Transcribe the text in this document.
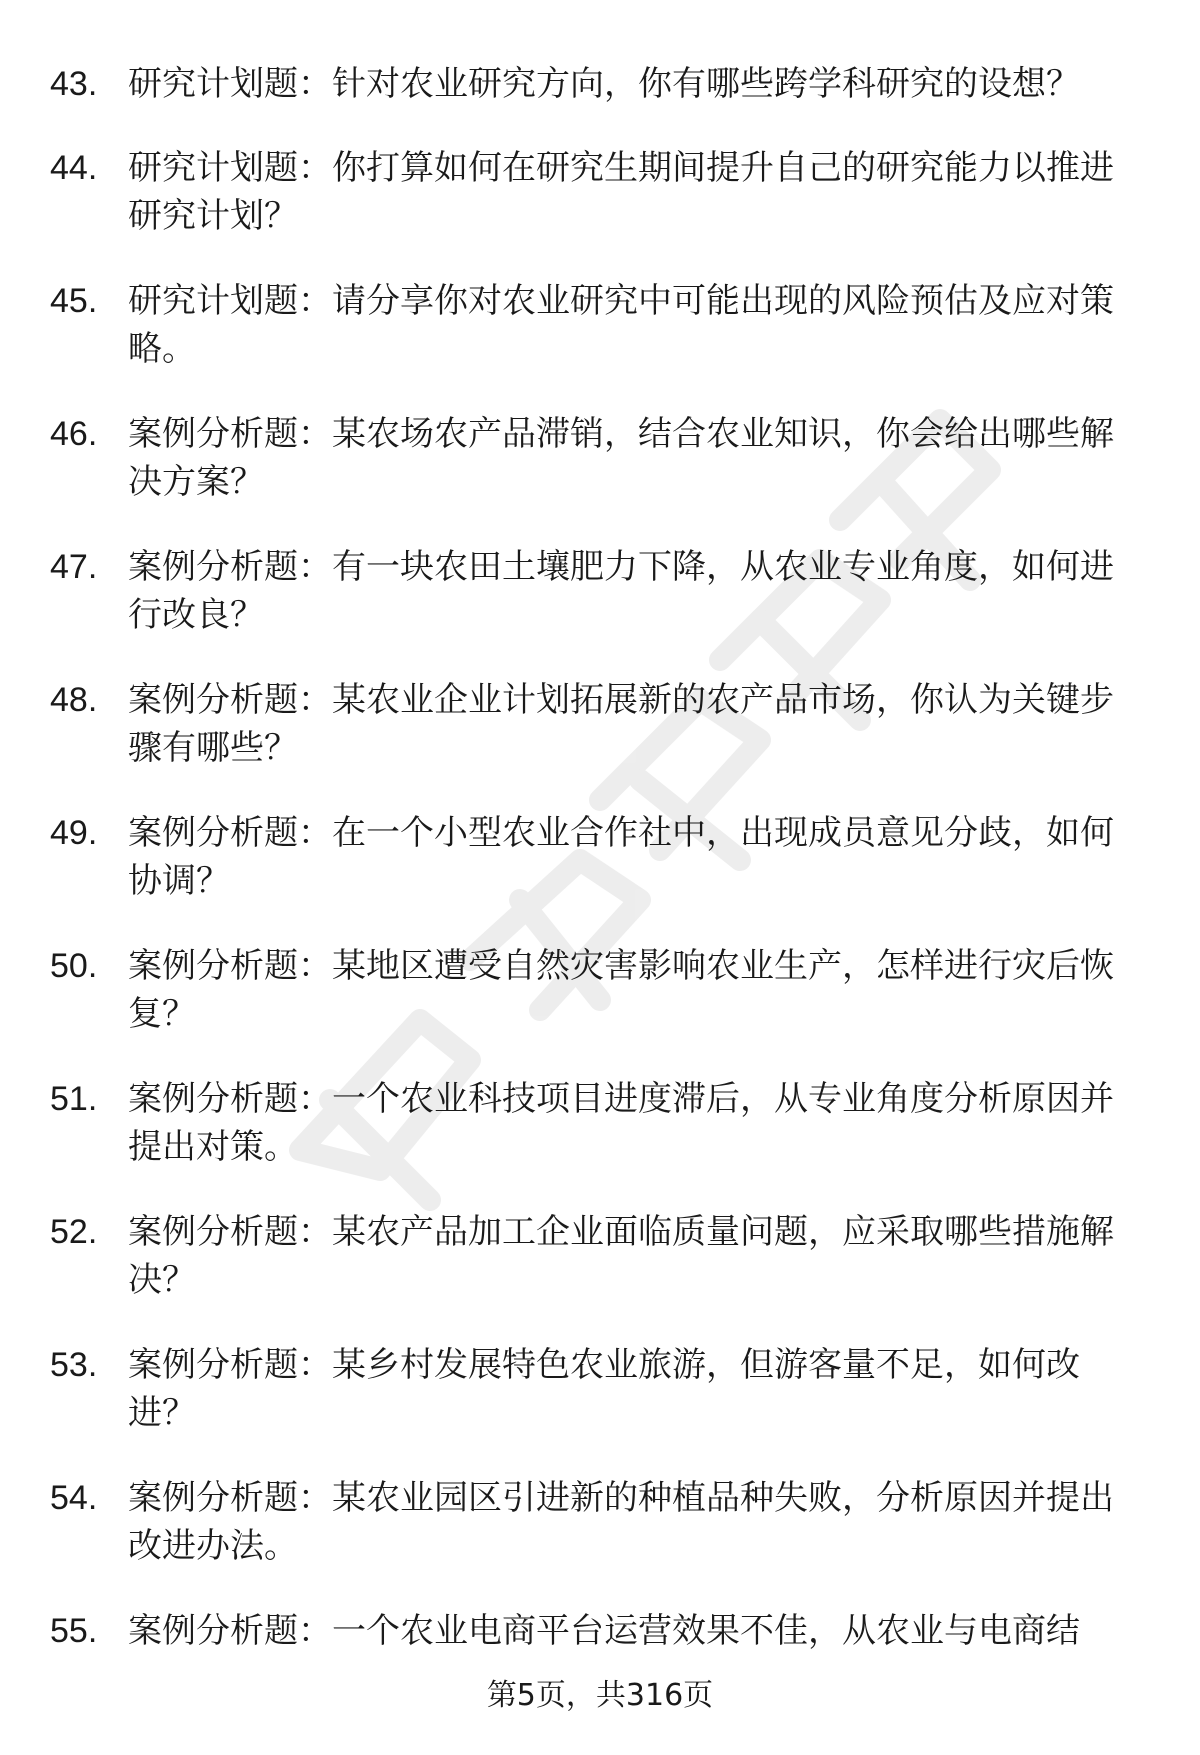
43. 研究计划题：针对农业研究方向，你有哪些跨学科研究的设想？
44. 研究计划题：你打算如何在研究生期间提升自己的研究能力以推进研究计划？
45. 研究计划题：请分享你对农业研究中可能出现的风险预估及应对策略。
46. 案例分析题：某农场农产品滞销，结合农业知识，你会给出哪些解决方案？
47. 案例分析题：有一块农田土壤肥力下降，从农业专业角度，如何进行改良？
48. 案例分析题：某农业企业计划拓展新的农产品市场，你认为关键步骤有哪些？
49. 案例分析题：在一个小型农业合作社中，出现成员意见分歧，如何协调？
50. 案例分析题：某地区遭受自然灾害影响农业生产，怎样进行灾后恢复？
51. 案例分析题：一个农业科技项目进度滞后，从专业角度分析原因并提出对策。
52. 案例分析题：某农产品加工企业面临质量问题，应采取哪些措施解决？
53. 案例分析题：某乡村发展特色农业旅游，但游客量不足，如何改进？
54. 案例分析题：某农业园区引进新的种植品种失败，分析原因并提出改进办法。
55. 案例分析题：一个农业电商平台运营效果不佳，从农业与电商结
第5页，共316页
